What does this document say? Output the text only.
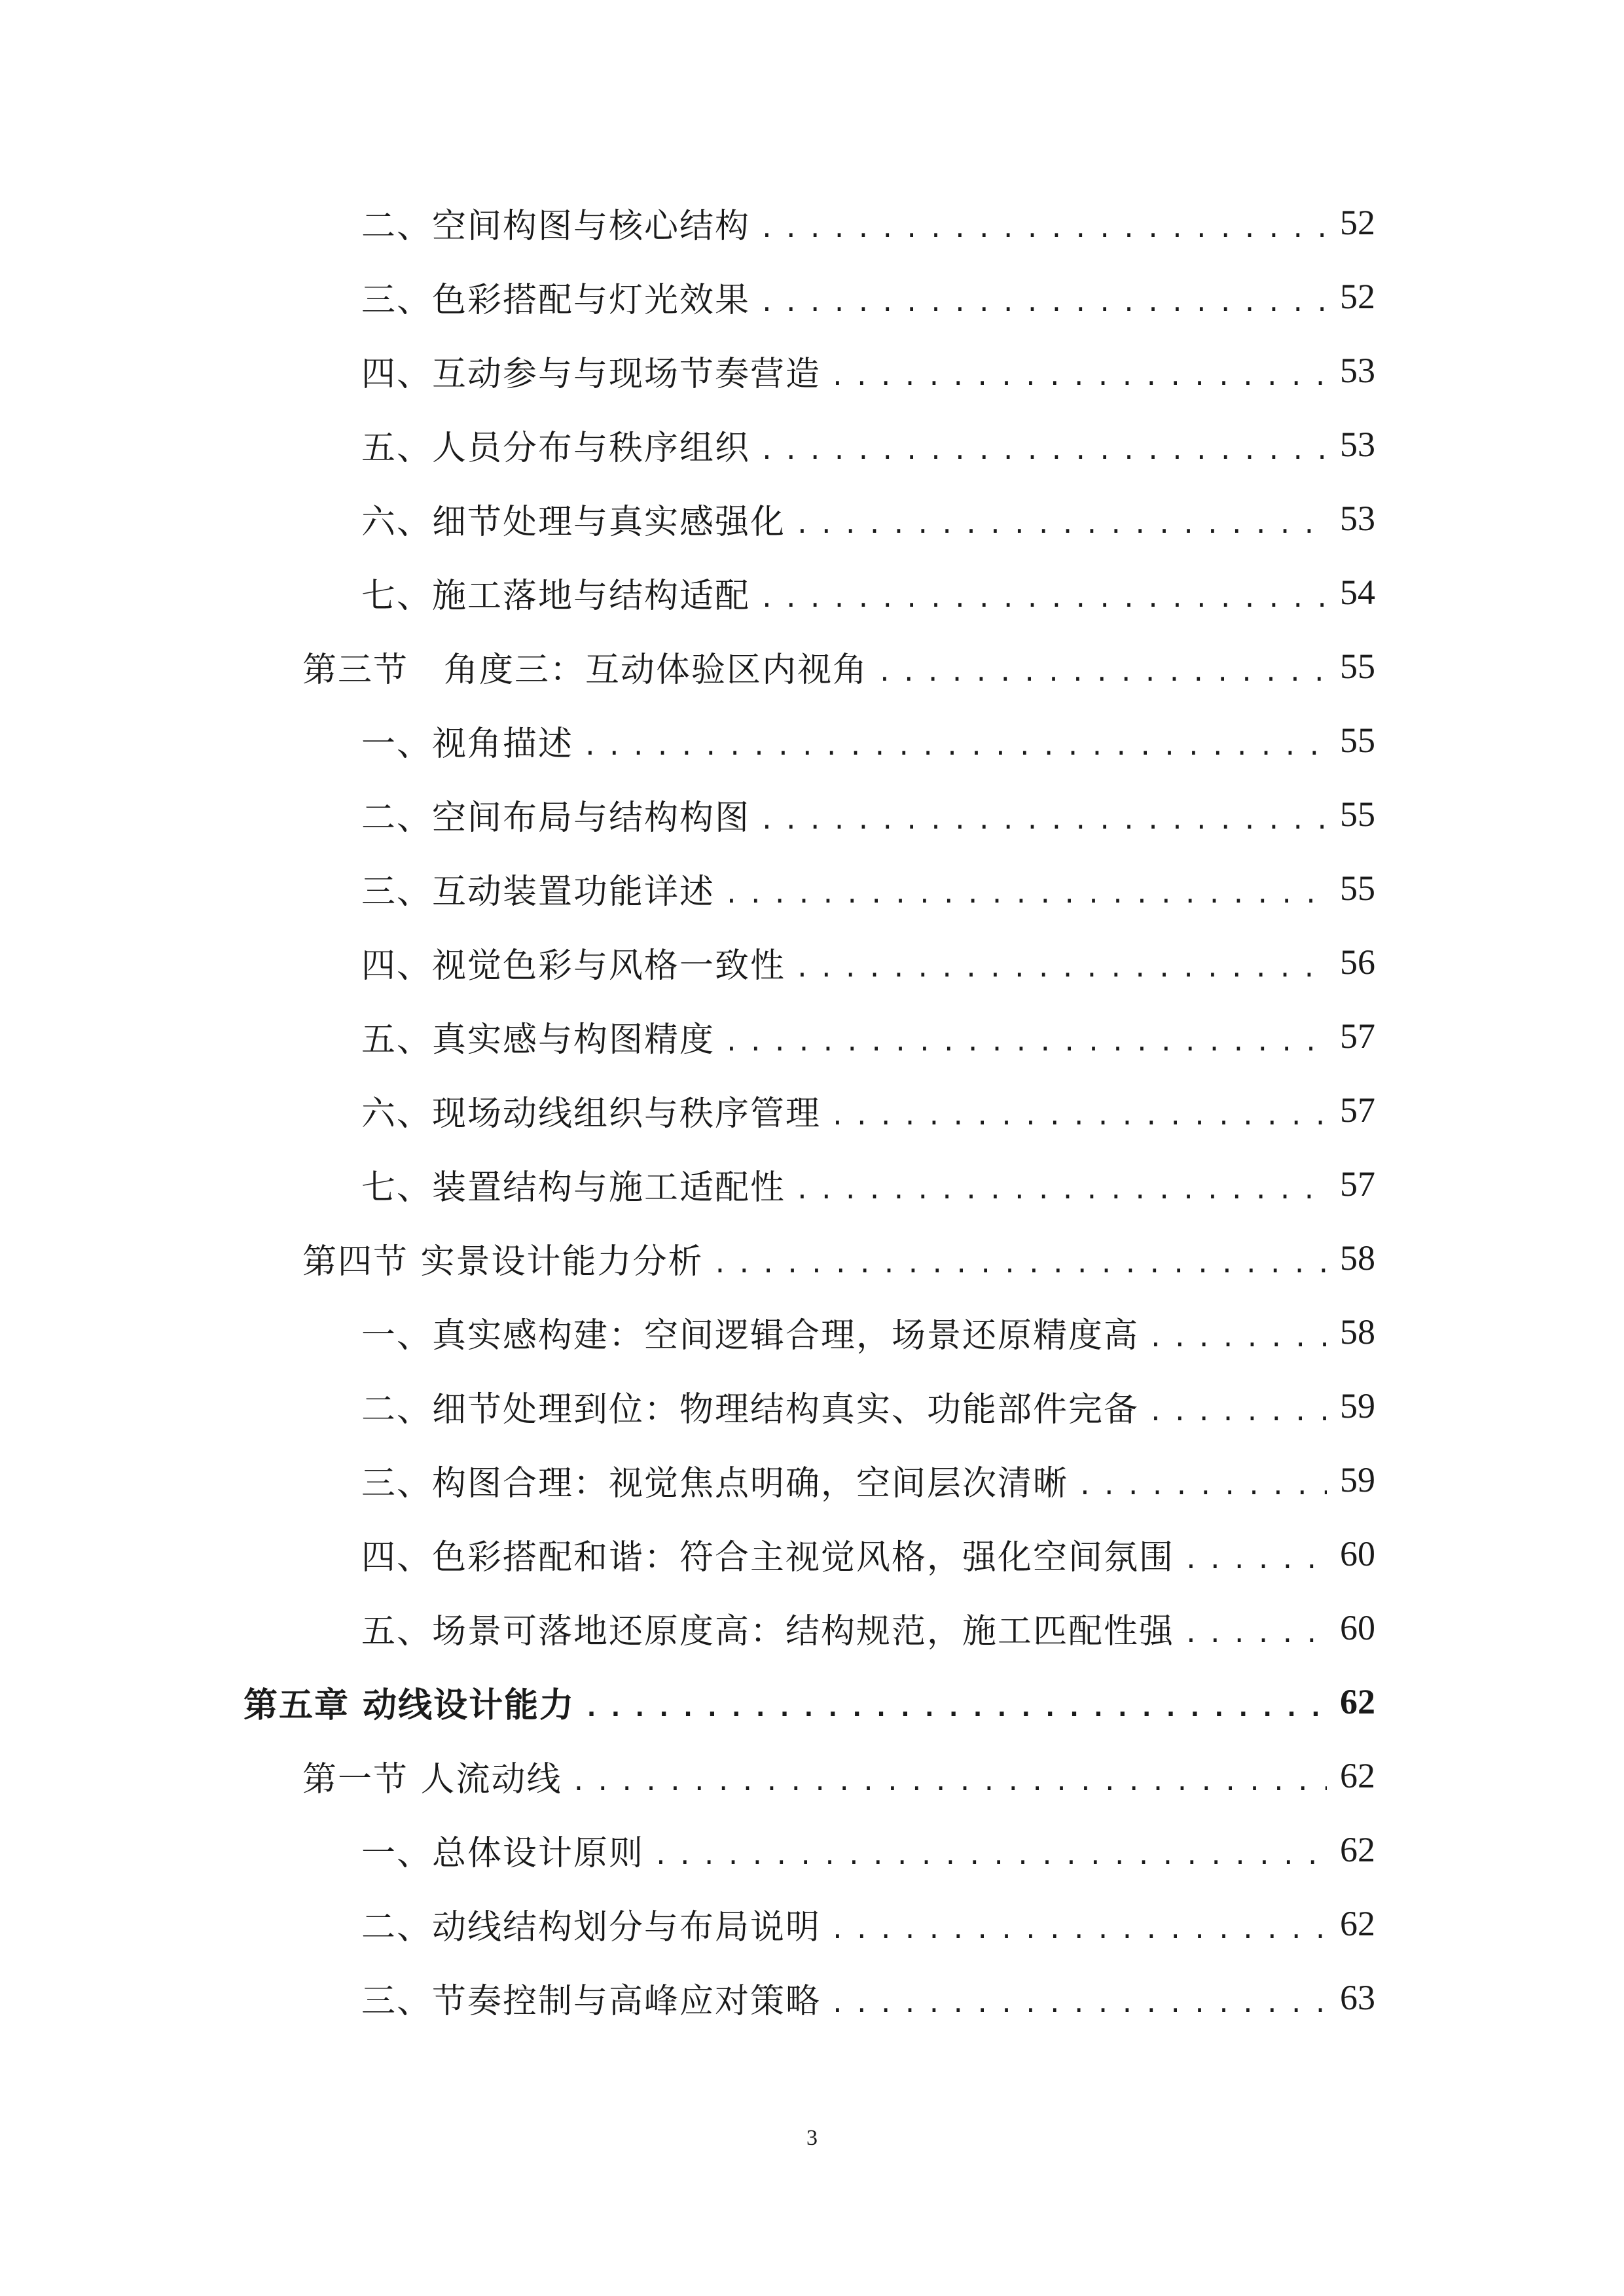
二、空间构图与核心结构 .....	52
三、色彩搭配与灯光效果 .....	52
四、互动参与与现场节奏营造 .....	53
五、人员分布与秩序组织 .....	53
六、细节处理与真实感强化 .....	53
七、施工落地与结构适配 .....	54
第三节　角度三：互动体验区内视角 .....	55
一、视角描述 .....	55
二、空间布局与结构构图 .....	55
三、互动装置功能详述 .....	55
四、视觉色彩与风格一致性 .....	56
五、真实感与构图精度 .....	57
六、现场动线组织与秩序管理 .....	57
七、装置结构与施工适配性 .....	57
第四节 实景设计能力分析 .....	58
一、真实感构建：空间逻辑合理，场景还原精度高 .....	58
二、细节处理到位：物理结构真实、功能部件完备 .....	59
三、构图合理：视觉焦点明确，空间层次清晰 .....	59
四、色彩搭配和谐：符合主视觉风格，强化空间氛围 .....	60
五、场景可落地还原度高：结构规范，施工匹配性强 .....	60
第五章 动线设计能力 .....	62
第一节 人流动线 .....	62
一、总体设计原则 .....	62
二、动线结构划分与布局说明 .....	62
三、节奏控制与高峰应对策略 .....	63
3
